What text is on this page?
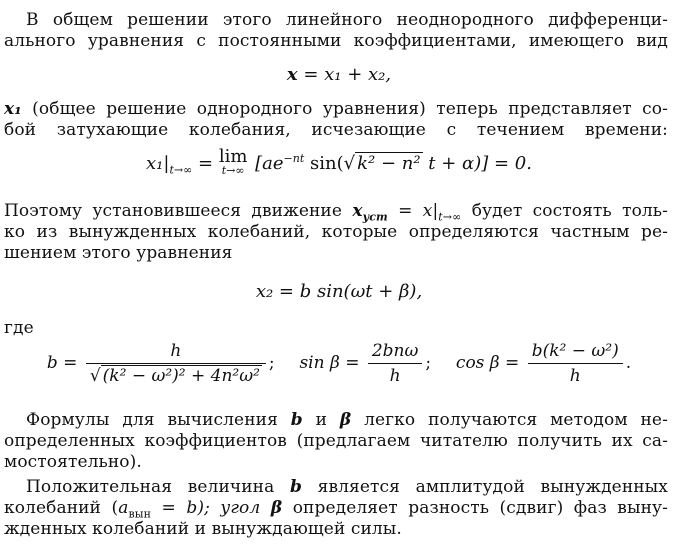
В общем решении этого линейного неоднородного дифференци-
ального уравнения с постоянными коэффициентами, имеющего вид
x = x₁ + x₂,
x₁ (общее решение однородного уравнения) теперь представляет со-
бой затухающие колебания, исчезающие с течением времени:
$x_1|_{t\to\infty} = \lim$
t→∞ [$ae^{-nt}$ sin(√ k² − n² t + α)] = 0.
Поэтому установившееся движение $x_{уст} = x|_{t\to\infty}$ будет состоять толь-
ко из вынужденных колебаний, которые определяются частным ре-
шением этого уравнения
x₂ = b sin(ωt + β),
где
$b = \frac{h}{\text{√ (k² − ω²)² + 4n²ω²}}$ ; $\sin \beta = \frac{\text{2bnω}}{h}$ ; $\cos \beta = \frac{\text{b(k² − ω²)}}{h}$ .
Формулы для вычисления b и β легко получаются методом не-
определенных коэффициентов (предлагаем читателю получить их са-
мостоятельно).
Положительная величина b является амплитудой вынужденных
колебаний $(a_{вын} = b)$; угол β определяет разность (сдвиг) фаз выну-
жденных колебаний и вынуждающей силы.
